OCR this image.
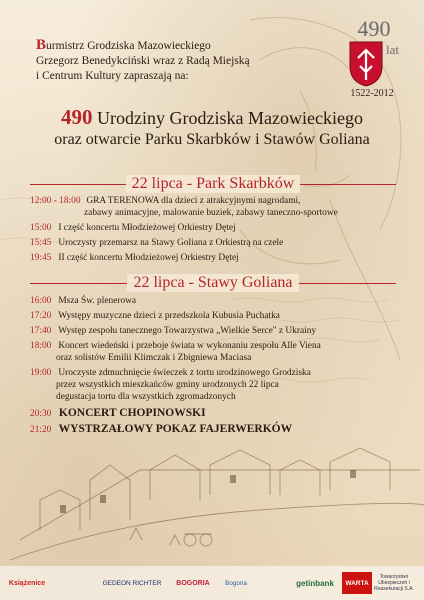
Burmistrz Grodziska Mazowieckiego
Grzegorz Benedykciński wraz z Radą Miejską
i Centrum Kultury zapraszają na:
490
lat
1522-2012
490 Urodziny Grodziska Mazowieckiego
oraz otwarcie Parku Skarbków i Stawów Goliana
22 lipca - Park Skarbków
12:00 - 18:00 GRA TERENOWA dla dzieci z atrakcyjnymi nagrodami,
zabawy animacyjne, malowanie buziek, zabawy taneczno-sportowe
15:00 I część koncertu Młodzieżowej Orkiestry Dętej
15:45 Uroczysty przemarsz na Stawy Goliana z Orkiestrą na czele
19:45 II część koncertu Młodzieżowej Orkiestry Dętej
22 lipca - Stawy Goliana
16:00 Msza Św. plenerowa
17:20 Występy muzyczne dzieci z przedszkola Kubusia Puchatka
17:40 Występ zespołu tanecznego Towarzystwa „Wielkie Serce" z Ukrainy
18:00 Koncert wiedeński i przeboje świata w wykonaniu zespołu Alle Viena
oraz solistów Emilii Klimczak i Zbigniewa Maciasa
19:00 Uroczyste zdmuchnięcie świeczek z tortu urodzinowego Grodziska
przez wszystkich mieszkańców gminy urodzonych 22 lipca
degustacja tortu dla wszystkich zgromadzonych
20:30 KONCERT CHOPINOWSKI
21:20 WYSTRZAŁOWY POKAZ FAJERWERKÓW
Książenice	GEDEON RICHTER BOGORIA	Bogoria	getinbank	WARTA
Towarzystwo Ubezpieczeń i Reasekuracji S.A.
